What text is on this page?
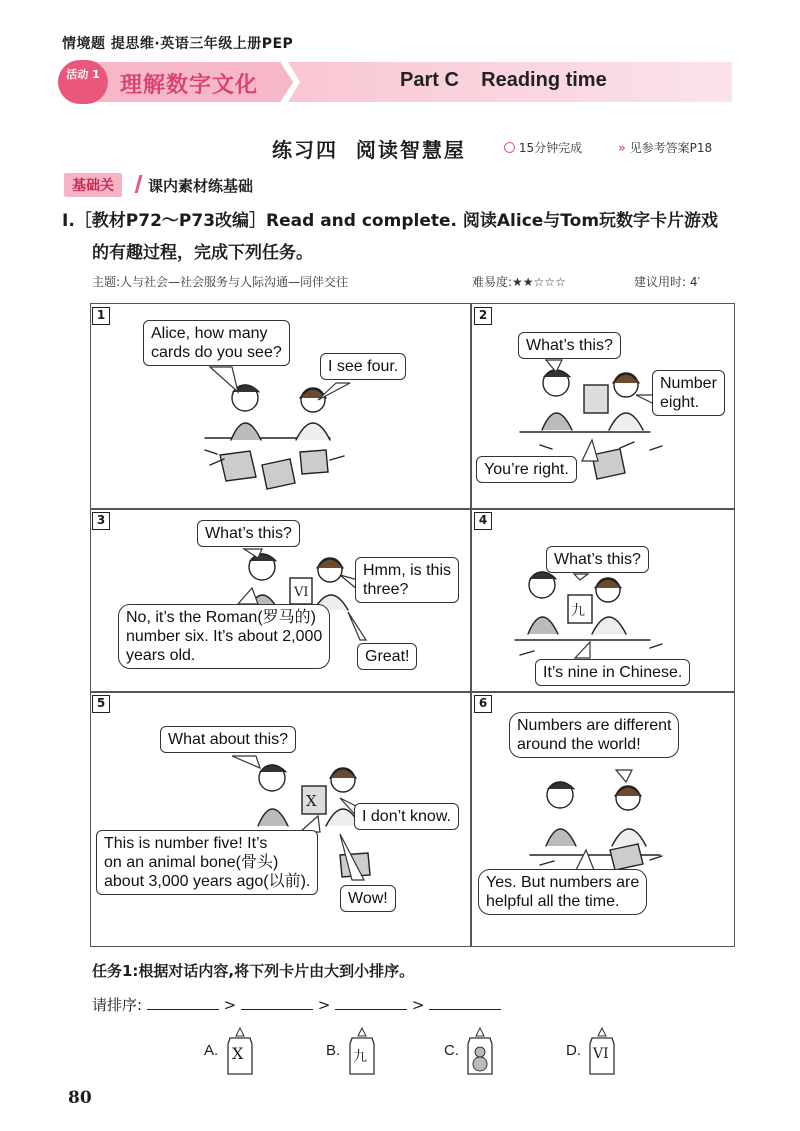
情境题 提思维·英语三年级上册PEP
活动 1 理解数字文化	Part C    Reading time
练习四  阅读智慧屋	15分钟完成	» 见参考答案P18
基础关	课内素材练基础
Ⅰ.［教材P72～P73改编］Read and complete. 阅读Alice与Tom玩数字卡片游戏
的有趣过程，完成下列任务。
主题:人与社会—社会服务与人际沟通—同伴交往	难易度:★★☆☆☆	建议用时: 4′
1	2
3	4
5	6
VI
九
Ⅹ
Alice, how many
cards do you see?
I see four.
What’s this?
Number
eight.
You’re right.
What’s this?
Hmm, is this
three?
No, it’s the Roman(罗马的)
number six. It’s about 2,000
years old.	Great!
What’s this?
It’s nine in Chinese.
What about this?
I don’t know.
This is number five! It’s
on an animal bone(骨头)
about 3,000 years ago(以前).
Wow!
Numbers are different
around the world!
Yes. But numbers are
helpful all the time.
任务1:根据对话内容,将下列卡片由大到小排序。
请排序:	>	>	>
A. Ⅹ	B. 九	C.	D. VI
80
